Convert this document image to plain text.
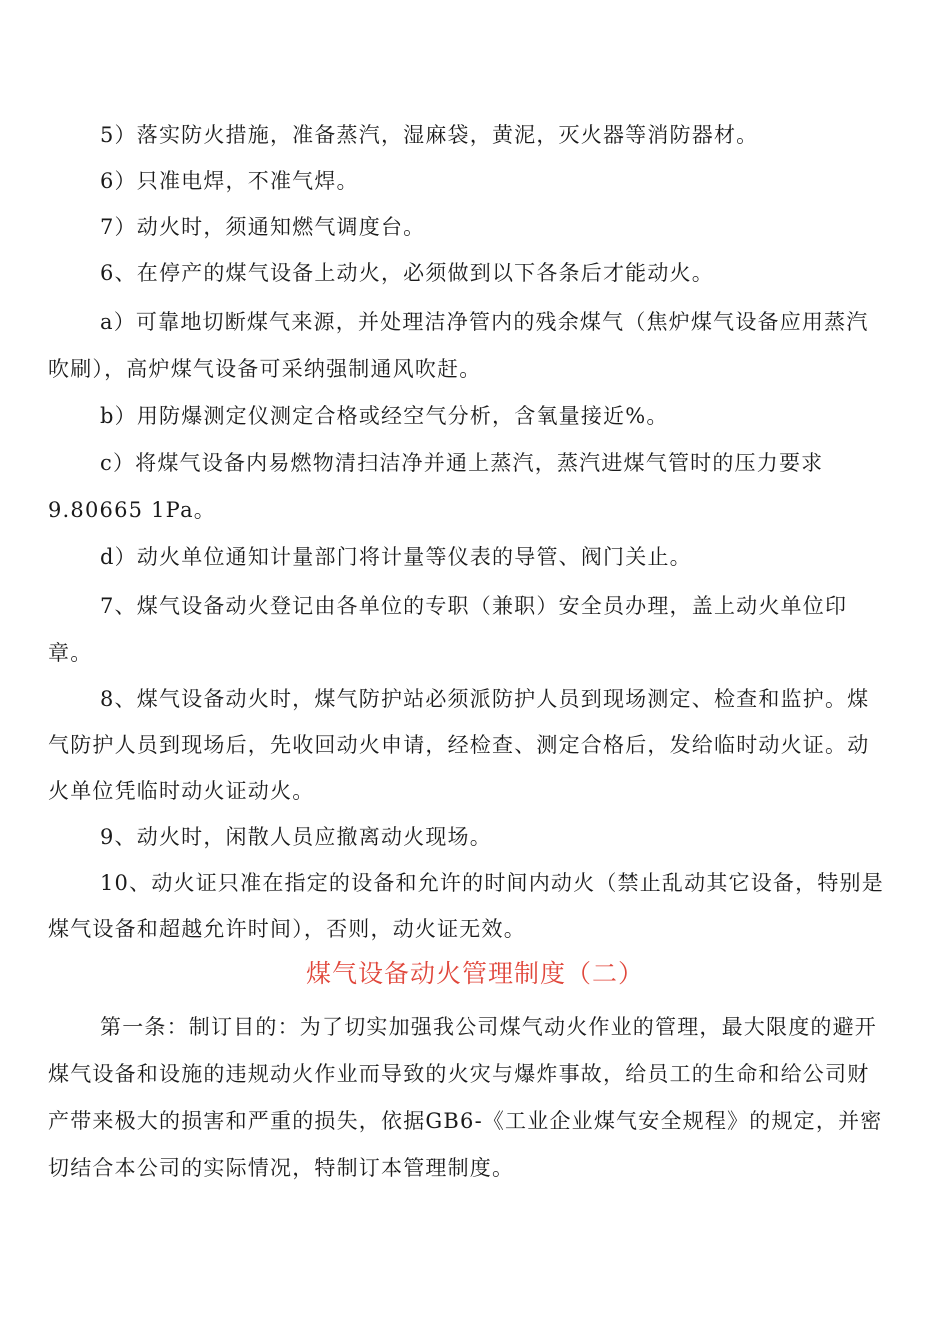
5）落实防火措施，准备蒸汽，湿麻袋，黄泥，灭火器等消防器材。
6）只准电焊，不准气焊。
7）动火时，须通知燃气调度台。
6、在停产的煤气设备上动火，必须做到以下各条后才能动火。
a）可靠地切断煤气来源，并处理洁净管内的残余煤气（焦炉煤气设备应用蒸汽
吹刷），高炉煤气设备可采纳强制通风吹赶。
b）用防爆测定仪测定合格或经空气分析，含氧量接近%。
c）将煤气设备内易燃物清扫洁净并通上蒸汽，蒸汽进煤气管时的压力要求
9.80665 1Pa。
d）动火单位通知计量部门将计量等仪表的导管、阀门关止。
7、煤气设备动火登记由各单位的专职（兼职）安全员办理，盖上动火单位印
章。
8、煤气设备动火时，煤气防护站必须派防护人员到现场测定、检查和监护。煤
气防护人员到现场后，先收回动火申请，经检查、测定合格后，发给临时动火证。动
火单位凭临时动火证动火。
9、动火时，闲散人员应撤离动火现场。
10、动火证只准在指定的设备和允许的时间内动火（禁止乱动其它设备，特别是
煤气设备和超越允许时间），否则，动火证无效。
煤气设备动火管理制度（二）
第一条：制订目的：为了切实加强我公司煤气动火作业的管理，最大限度的避开
煤气设备和设施的违规动火作业而导致的火灾与爆炸事故，给员工的生命和给公司财
产带来极大的损害和严重的损失，依据GB6-《工业企业煤气安全规程》的规定，并密
切结合本公司的实际情况，特制订本管理制度。
